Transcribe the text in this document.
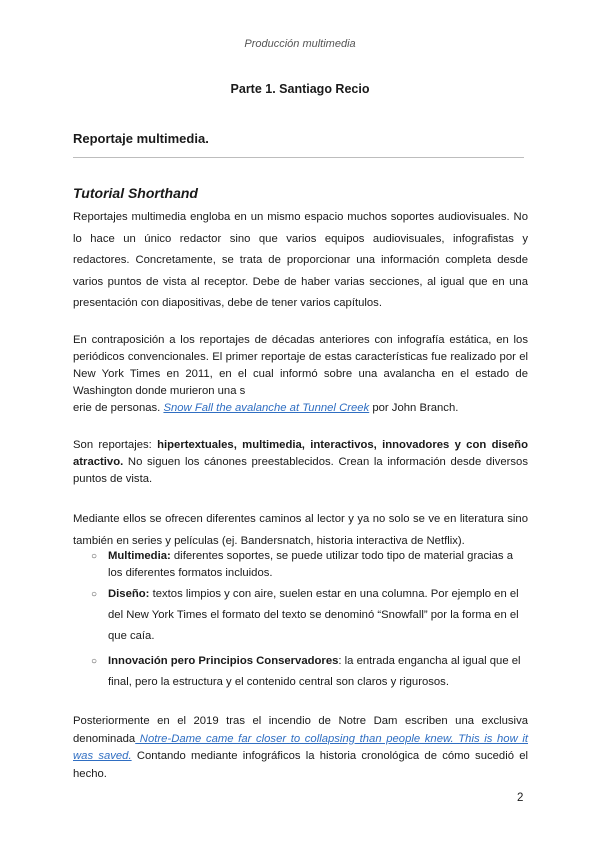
Producción multimedia
Parte 1. Santiago Recio
Reportaje multimedia.
Tutorial Shorthand

Reportajes multimedia engloba en un mismo espacio muchos soportes audiovisuales. No lo hace un único redactor sino que varios equipos audiovisuales, infografistas y redactores. Concretamente, se trata de proporcionar una información completa desde varios puntos de vista al receptor. Debe de haber varias secciones, al igual que en una presentación con diapositivas, debe de tener varios capítulos.

En contraposición a los reportajes de décadas anteriores con infografía estática, en los periódicos convencionales. El primer reportaje de estas características fue realizado por el New York Times en 2011, en el cual informó sobre una avalancha en el estado de Washington donde murieron una s
erie de personas. Snow Fall the avalanche at Tunnel Creek por John Branch.

Son reportajes: hipertextuales, multimedia, interactivos, innovadores y con diseño atractivo. No siguen los cánones preestablecidos. Crean la información desde diversos puntos de vista.

Mediante ellos se ofrecen diferentes caminos al lector y ya no solo se ve en literatura sino también en series y películas (ej. Bandersnatch, historia interactiva de Netflix).

○ Multimedia: diferentes soportes, se puede utilizar todo tipo de material gracias a los diferentes formatos incluidos.
○ Diseño: textos limpios y con aire, suelen estar en una columna. Por ejemplo en el del New York Times el formato del texto se denominó “Snowfall” por la forma en el que caía.
○ Innovación pero Principios Conservadores: la entrada engancha al igual que el final, pero la estructura y el contenido central son claros y rigurosos.

Posteriormente en el 2019 tras el incendio de Notre Dam escriben una exclusiva denominada Notre-Dame came far closer to collapsing than people knew. This is how it was saved. Contando mediante infográficos la historia cronológica de cómo sucedió el hecho.

2
